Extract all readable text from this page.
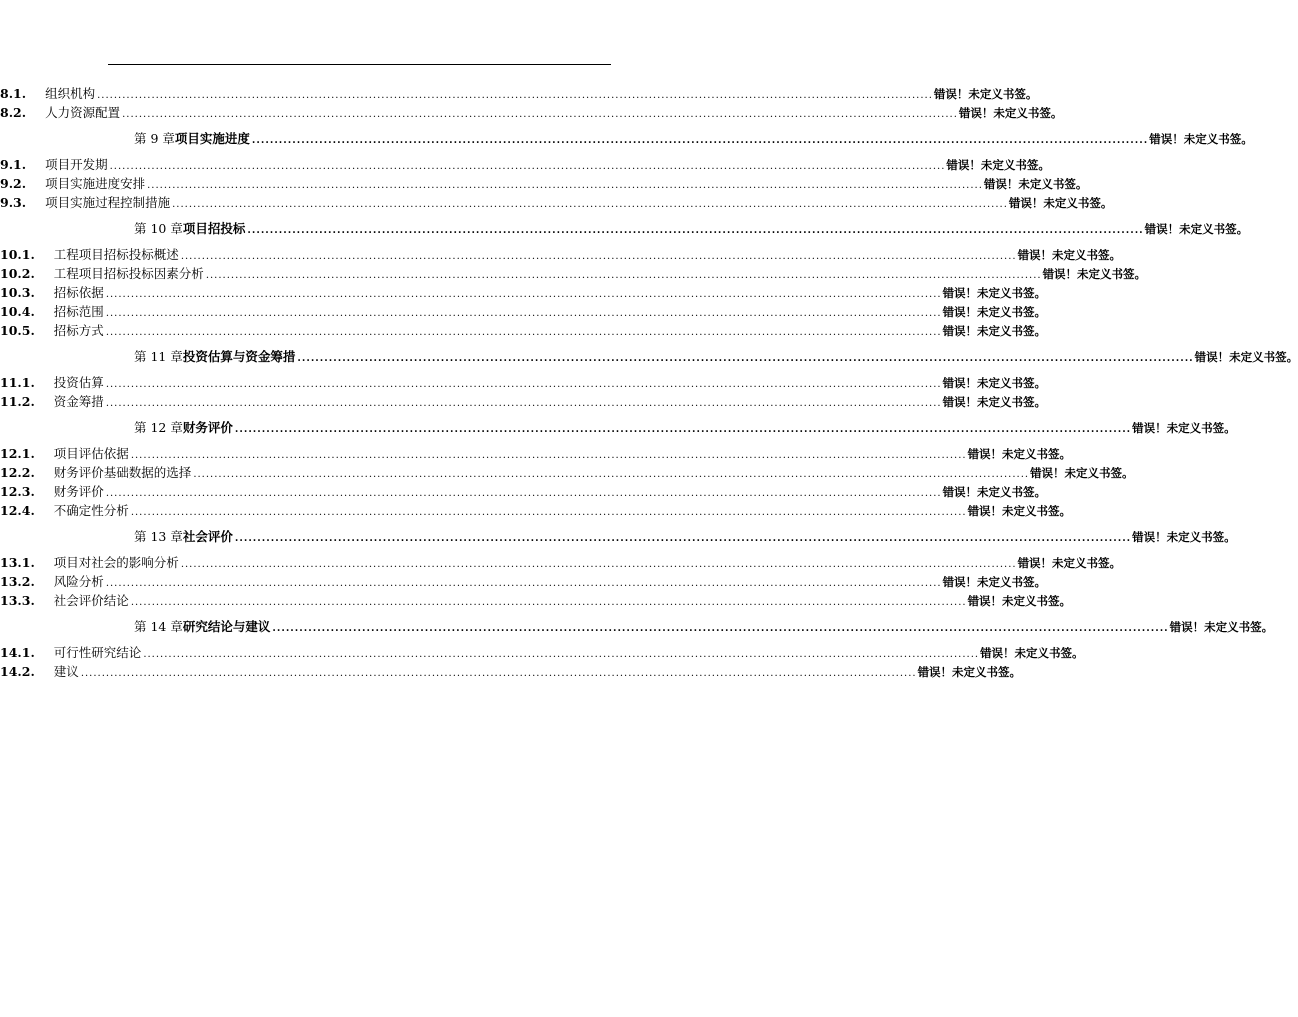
8.1. 组织机构 ........................................................................................................................................................................................................ 错误！未定义书签。
8.2. 人力资源配置 ........................................................................................................................................................................................................ 错误！未定义书签。
第 9 章 项目实施进度 ........................................................................................................................................................................................................ 错误！未定义书签。
9.1. 项目开发期 ........................................................................................................................................................................................................ 错误！未定义书签。
9.2. 项目实施进度安排 ........................................................................................................................................................................................................ 错误！未定义书签。
9.3. 项目实施过程控制措施 ........................................................................................................................................................................................................ 错误！未定义书签。
第 10 章 项目招投标 ........................................................................................................................................................................................................ 错误！未定义书签。
10.1. 工程项目招标投标概述 ........................................................................................................................................................................................................ 错误！未定义书签。
10.2. 工程项目招标投标因素分析 ........................................................................................................................................................................................................ 错误！未定义书签。
10.3. 招标依据 ........................................................................................................................................................................................................ 错误！未定义书签。
10.4. 招标范围 ........................................................................................................................................................................................................ 错误！未定义书签。
10.5. 招标方式 ........................................................................................................................................................................................................ 错误！未定义书签。
第 11 章 投资估算与资金筹措 ........................................................................................................................................................................................................ 错误！未定义书签。
11.1. 投资估算 ........................................................................................................................................................................................................ 错误！未定义书签。
11.2. 资金筹措 ........................................................................................................................................................................................................ 错误！未定义书签。
第 12 章 财务评价 ........................................................................................................................................................................................................ 错误！未定义书签。
12.1. 项目评估依据 ........................................................................................................................................................................................................ 错误！未定义书签。
12.2. 财务评价基础数据的选择 ........................................................................................................................................................................................................ 错误！未定义书签。
12.3. 财务评价 ........................................................................................................................................................................................................ 错误！未定义书签。
12.4. 不确定性分析 ........................................................................................................................................................................................................ 错误！未定义书签。
第 13 章 社会评价 ........................................................................................................................................................................................................ 错误！未定义书签。
13.1. 项目对社会的影响分析 ........................................................................................................................................................................................................ 错误！未定义书签。
13.2. 风险分析 ........................................................................................................................................................................................................ 错误！未定义书签。
13.3. 社会评价结论 ........................................................................................................................................................................................................ 错误！未定义书签。
第 14 章 研究结论与建议 ........................................................................................................................................................................................................ 错误！未定义书签。
14.1. 可行性研究结论 ........................................................................................................................................................................................................ 错误！未定义书签。
14.2. 建议 ........................................................................................................................................................................................................ 错误！未定义书签。
